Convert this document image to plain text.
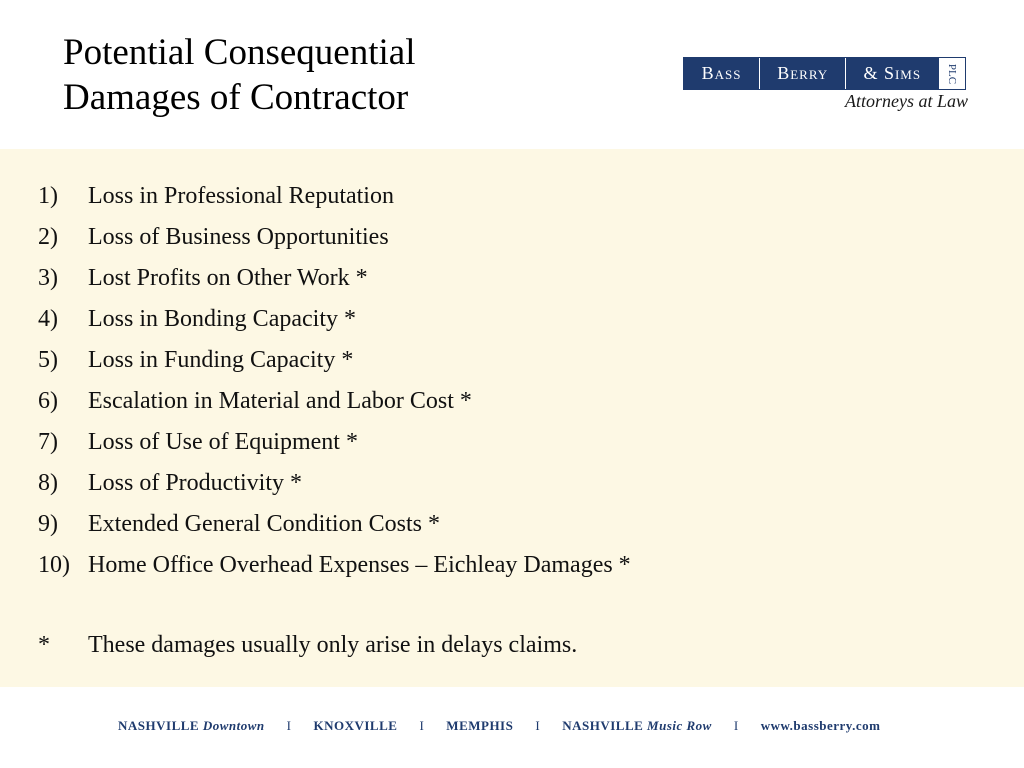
Potential Consequential
Damages of Contractor
Bass	Berry	& Sims	PLC
Attorneys at Law
1)	Loss in Professional Reputation
2)	Loss of Business Opportunities
3)	Lost Profits on Other Work *
4)	Loss in Bonding Capacity *
5)	Loss in Funding Capacity *
6)	Escalation in Material and Labor Cost *
7)	Loss of Use of Equipment *
8)	Loss of Productivity *
9)	Extended General Condition Costs *
10) Home Office Overhead Expenses – Eichleay Damages *
*	These damages usually only arise in delays claims.
NASHVILLE Downtown I KNOXVILLE I MEMPHIS I NASHVILLE Music Row I www.bassberry.com
